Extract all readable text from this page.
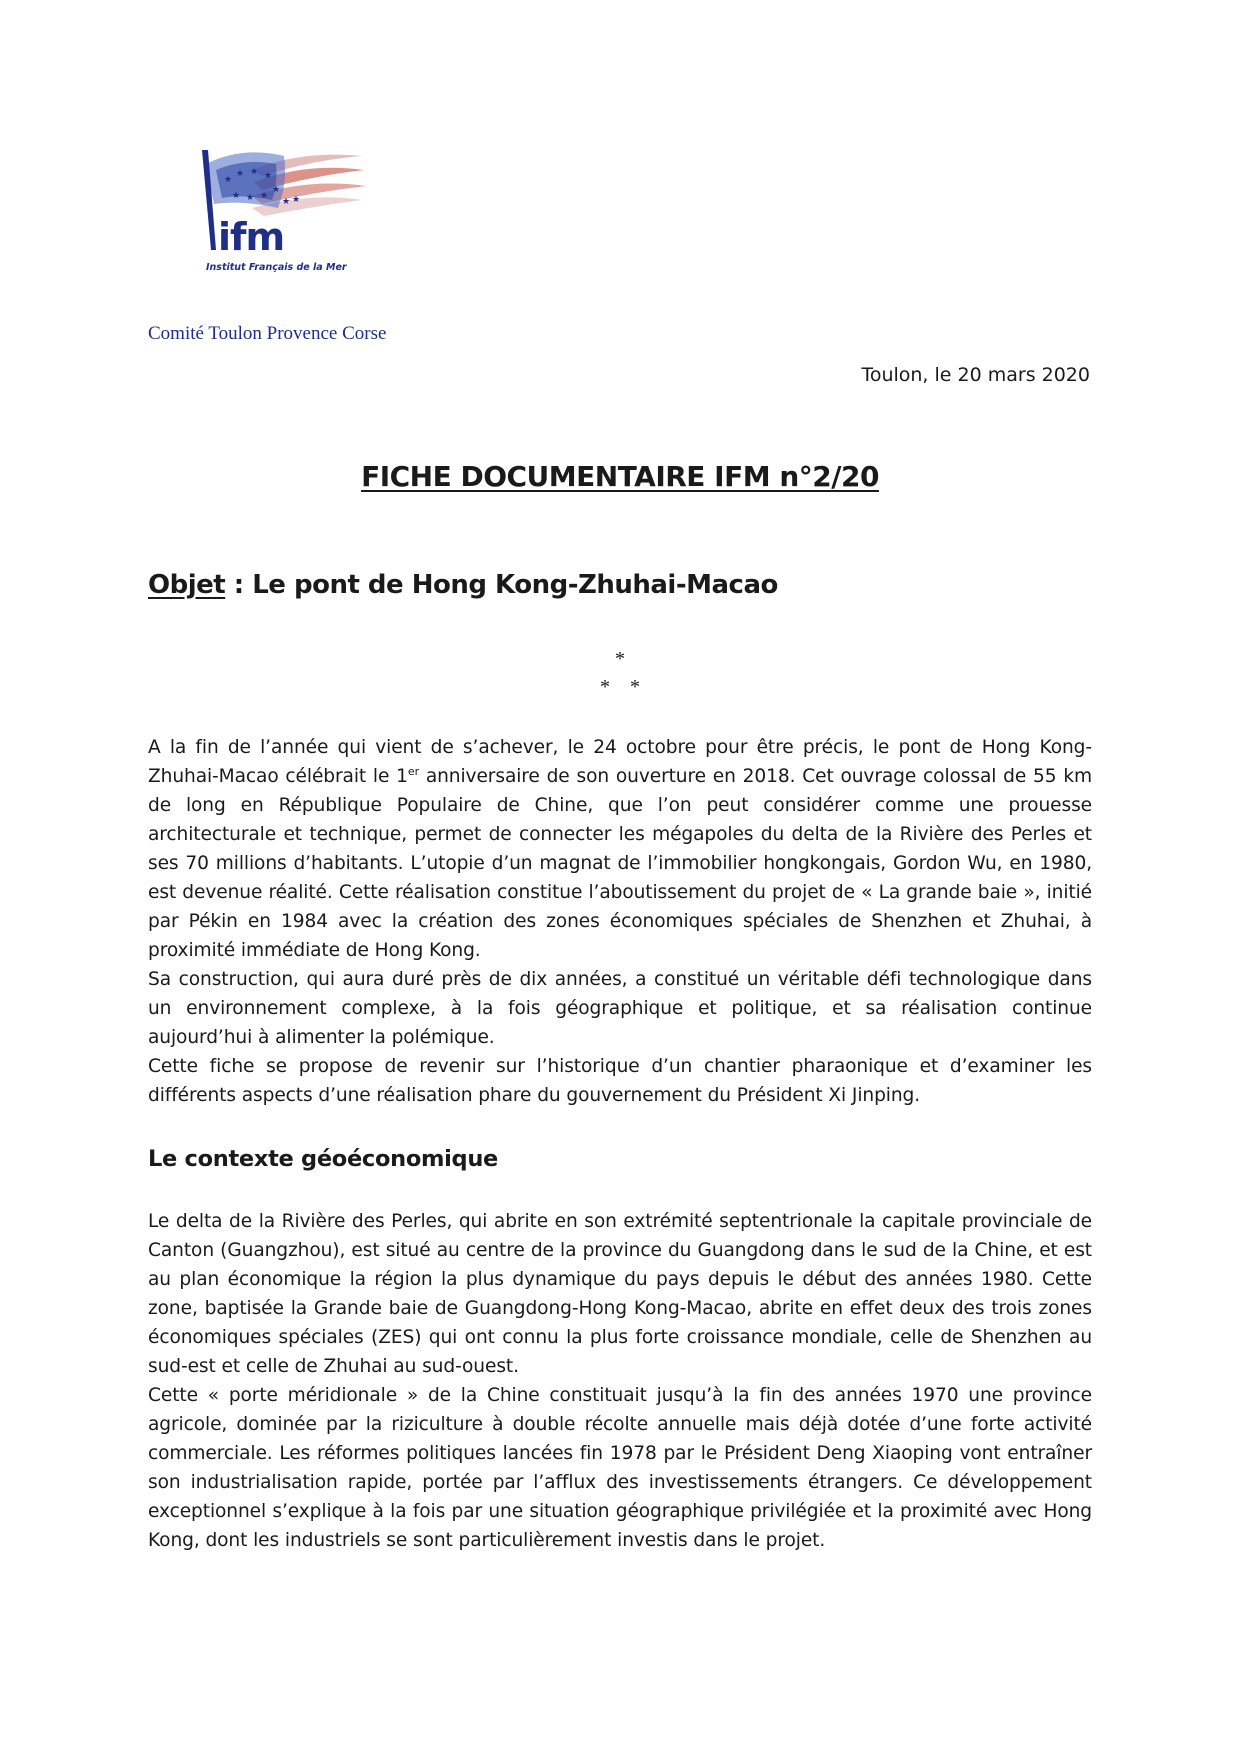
★
★ ★ ★
★ ★ ★
★
★ ★
ifm
Institut Français de la Mer
Comité Toulon Provence Corse
Toulon, le 20 mars 2020
FICHE DOCUMENTAIRE IFM n°2/20
Objet : Le pont de Hong Kong-Zhuhai-Macao
*
*    *

A la fin de l’année qui vient de s’achever, le 24 octobre pour être précis, le pont de Hong Kong-Zhuhai-Macao célébrait le 1er anniversaire de son ouverture en 2018. Cet ouvrage colossal de 55 km de long en République Populaire de Chine, que l’on peut considérer comme une prouesse architecturale et technique, permet de connecter les mégapoles du delta de la Rivière des Perles et ses 70 millions d’habitants. L’utopie d’un magnat de l’immobilier hongkongais, Gordon Wu, en 1980, est devenue réalité. Cette réalisation constitue l’aboutissement du projet de « La grande baie », initié par Pékin en 1984 avec la création des zones économiques spéciales de Shenzhen et Zhuhai, à proximité immédiate de Hong Kong.

Sa construction, qui aura duré près de dix années, a constitué un véritable défi technologique dans un environnement complexe, à la fois géographique et politique, et sa réalisation continue aujourd’hui à alimenter la polémique.

Cette fiche se propose de revenir sur l’historique d’un chantier pharaonique et d’examiner les différents aspects d’une réalisation phare du gouvernement du Président Xi Jinping.

Le contexte géoéconomique

Le delta de la Rivière des Perles, qui abrite en son extrémité septentrionale la capitale provinciale de Canton (Guangzhou), est situé au centre de la province du Guangdong dans le sud de la Chine, et est au plan économique la région la plus dynamique du pays depuis le début des années 1980. Cette zone, baptisée la Grande baie de Guangdong-Hong Kong-Macao, abrite en effet deux des trois zones économiques spéciales (ZES) qui ont connu la plus forte croissance mondiale, celle de Shenzhen au sud-est et celle de Zhuhai au sud-ouest.

Cette « porte méridionale » de la Chine constituait jusqu’à la fin des années 1970 une province agricole, dominée par la riziculture à double récolte annuelle mais déjà dotée d’une forte activité commerciale. Les réformes politiques lancées fin 1978 par le Président Deng Xiaoping vont entraîner son industrialisation rapide, portée par l’afflux des investissements étrangers. Ce développement exceptionnel s’explique à la fois par une situation géographique privilégiée et la proximité avec Hong Kong, dont les industriels se sont particulièrement investis dans le projet.
